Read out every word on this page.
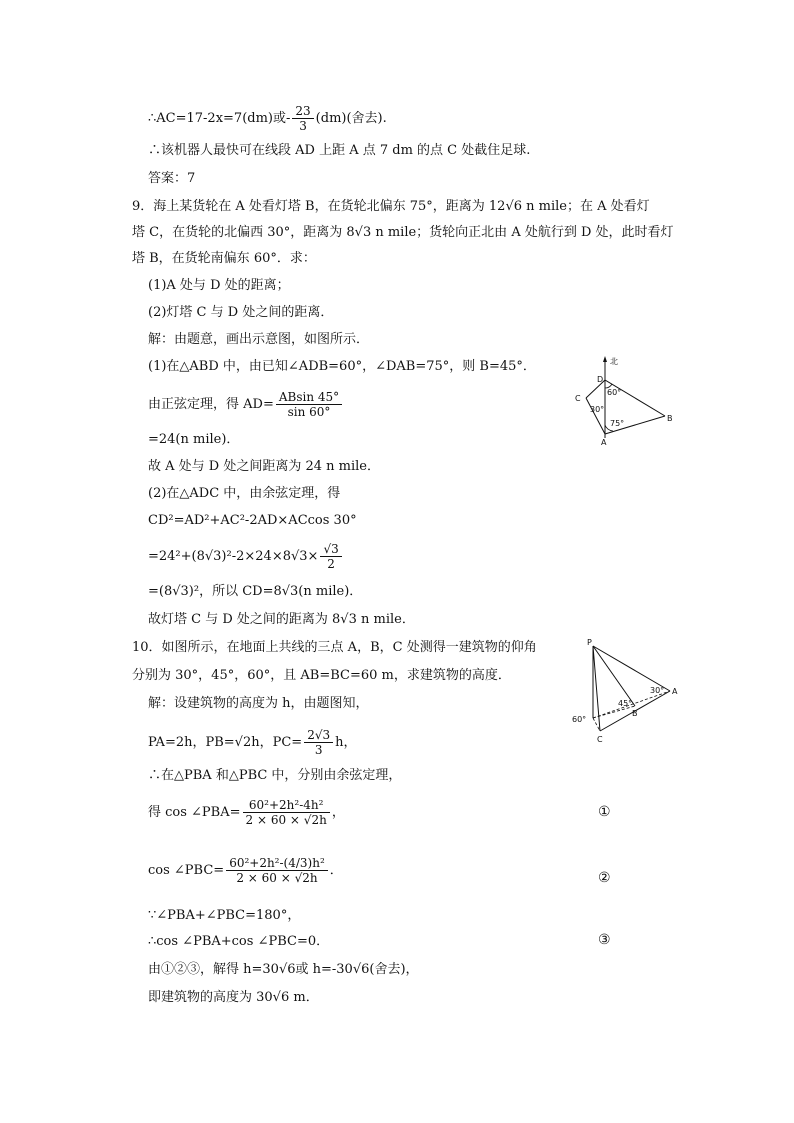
∴AC=17-2x=7(dm)或- $\frac{23}{3} (dm)$(舍去).
∴该机器人最快可在线段 AD 上距 A 点 7 dm 的点 C 处截住足球.
答案：7
9．海上某货轮在 A 处看灯塔 B，在货轮北偏东 75°，距离为 12√6 n mile；在 A 处看灯
塔 C，在货轮的北偏西 30°，距离为 8√3 n mile；货轮向正北由 A 处航行到 D 处，此时看灯
塔 B，在货轮南偏东 60°．求：
(1)A 处与 D 处的距离；
(2)灯塔 C 与 D 处之间的距离．
解：由题意，画出示意图，如图所示．
(1)在△ABD 中，由已知∠ADB=60°，∠DAB=75°，则 B=45°．
由正弦定理，得 $AD= \frac{ABsin 45^\circ}{\sin 60^\circ}$
=24(n mile)．
故 A 处与 D 处之间距离为 24 n mile．
(2)在△ADC 中，由余弦定理，得
CD²=AD²+AC²-2AD×ACcos 30°
$=24^2+(8√3)^2-2\times 24\times 8√3\times \frac{√3}{2}$
=(8√3)²，所以 CD=8√3(n mile)．
故灯塔 C 与 D 处之间的距离为 8√3 n mile．
10．如图所示，在地面上共线的三点 A，B，C 处测得一建筑物的仰角
分别为 30°，45°，60°，且 AB=BC=60 m，求建筑物的高度．
解：设建筑物的高度为 h，由题图知，
PA=2h，PB=√2h，$PC= \frac{2√3}{3}$ h，
∴在△PBA 和△PBC 中，分别由余弦定理，
得 cos ∠PBA= $\frac{\text{60²+2h²-4h²}}{2 \times 60 \times √2h}$ ，	①
cos ∠PBC= $\frac{\text{60²+2h²-(4/3)h²}}{2 \times 60 \times √2h}$ ．	②
∵∠PBA+∠PBC=180°，
∴cos ∠PBA+cos ∠PBC=0．	③
由①②③，解得 h=30√6或 h=-30√6(舍去)，
即建筑物的高度为 30√6 m．
北
D
C
A
B
60°
30°
75°
P
A
B
C
30°
45°
60°
